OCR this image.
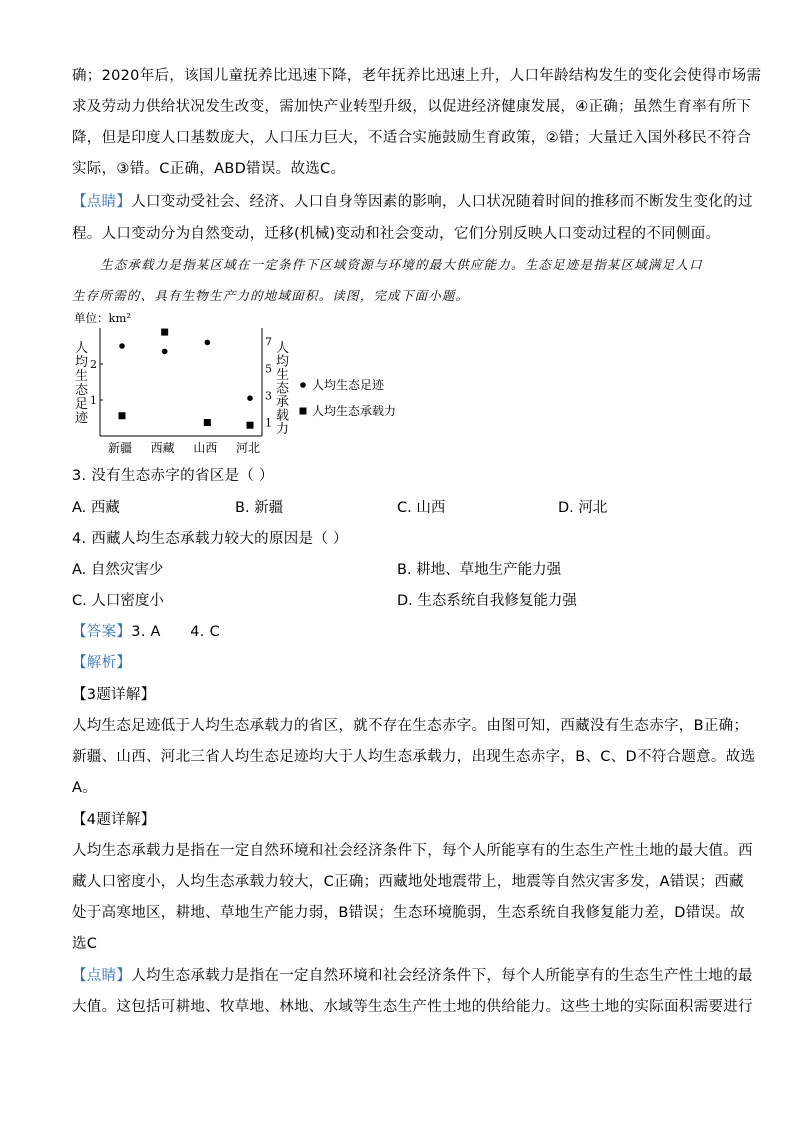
确；2020年后，该国儿童抚养比迅速下降，老年抚养比迅速上升，人口年龄结构发生的变化会使得市场需
求及劳动力供给状况发生改变，需加快产业转型升级，以促进经济健康发展，④正确；虽然生育率有所下
降，但是印度人口基数庞大，人口压力巨大，不适合实施鼓励生育政策，②错；大量迁入国外移民不符合
实际，③错。C正确，ABD错误。故选C。
【点睛】人口变动受社会、经济、人口自身等因素的影响，人口状况随着时间的推移而不断发生变化的过
程。人口变动分为自然变动，迁移(机械)变动和社会变动，它们分别反映人口变动过程的不同侧面。
生态承载力是指某区域在一定条件下区域资源与环境的最大供应能力。生态足迹是指某区域满足人口
生存所需的、具有生物生产力的地域面积。读图，完成下面小题。
单位：km²
人
均
生
态
足
迹
2
1
7
5
3
1
人
均
生
态
承
载
力
新疆 西藏 山西 河北
人均生态足迹
人均生态承载力
3. 没有生态赤字的省区是（ ）
A. 西藏	B. 新疆	C. 山西	D. 河北
4. 西藏人均生态承载力较大的原因是（ ）
A. 自然灾害少	B. 耕地、草地生产能力强
C. 人口密度小	D. 生态系统自我修复能力强
【答案】3. A      4. C
【解析】
【3题详解】
人均生态足迹低于人均生态承载力的省区，就不存在生态赤字。由图可知，西藏没有生态赤字，B正确；
新疆、山西、河北三省人均生态足迹均大于人均生态承载力，出现生态赤字，B、C、D不符合题意。故选
A。
【4题详解】
人均生态承载力是指在一定自然环境和社会经济条件下，每个人所能享有的生态生产性土地的最大值。西
藏人口密度小，人均生态承载力较大，C正确；西藏地处地震带上，地震等自然灾害多发，A错误；西藏
处于高寒地区，耕地、草地生产能力弱，B错误；生态环境脆弱，生态系统自我修复能力差，D错误。故
选C
【点睛】人均生态承载力是指在一定自然环境和社会经济条件下，每个人所能享有的生态生产性土地的最
大值。这包括可耕地、牧草地、林地、水域等生态生产性土地的供给能力。这些土地的实际面积需要进行
